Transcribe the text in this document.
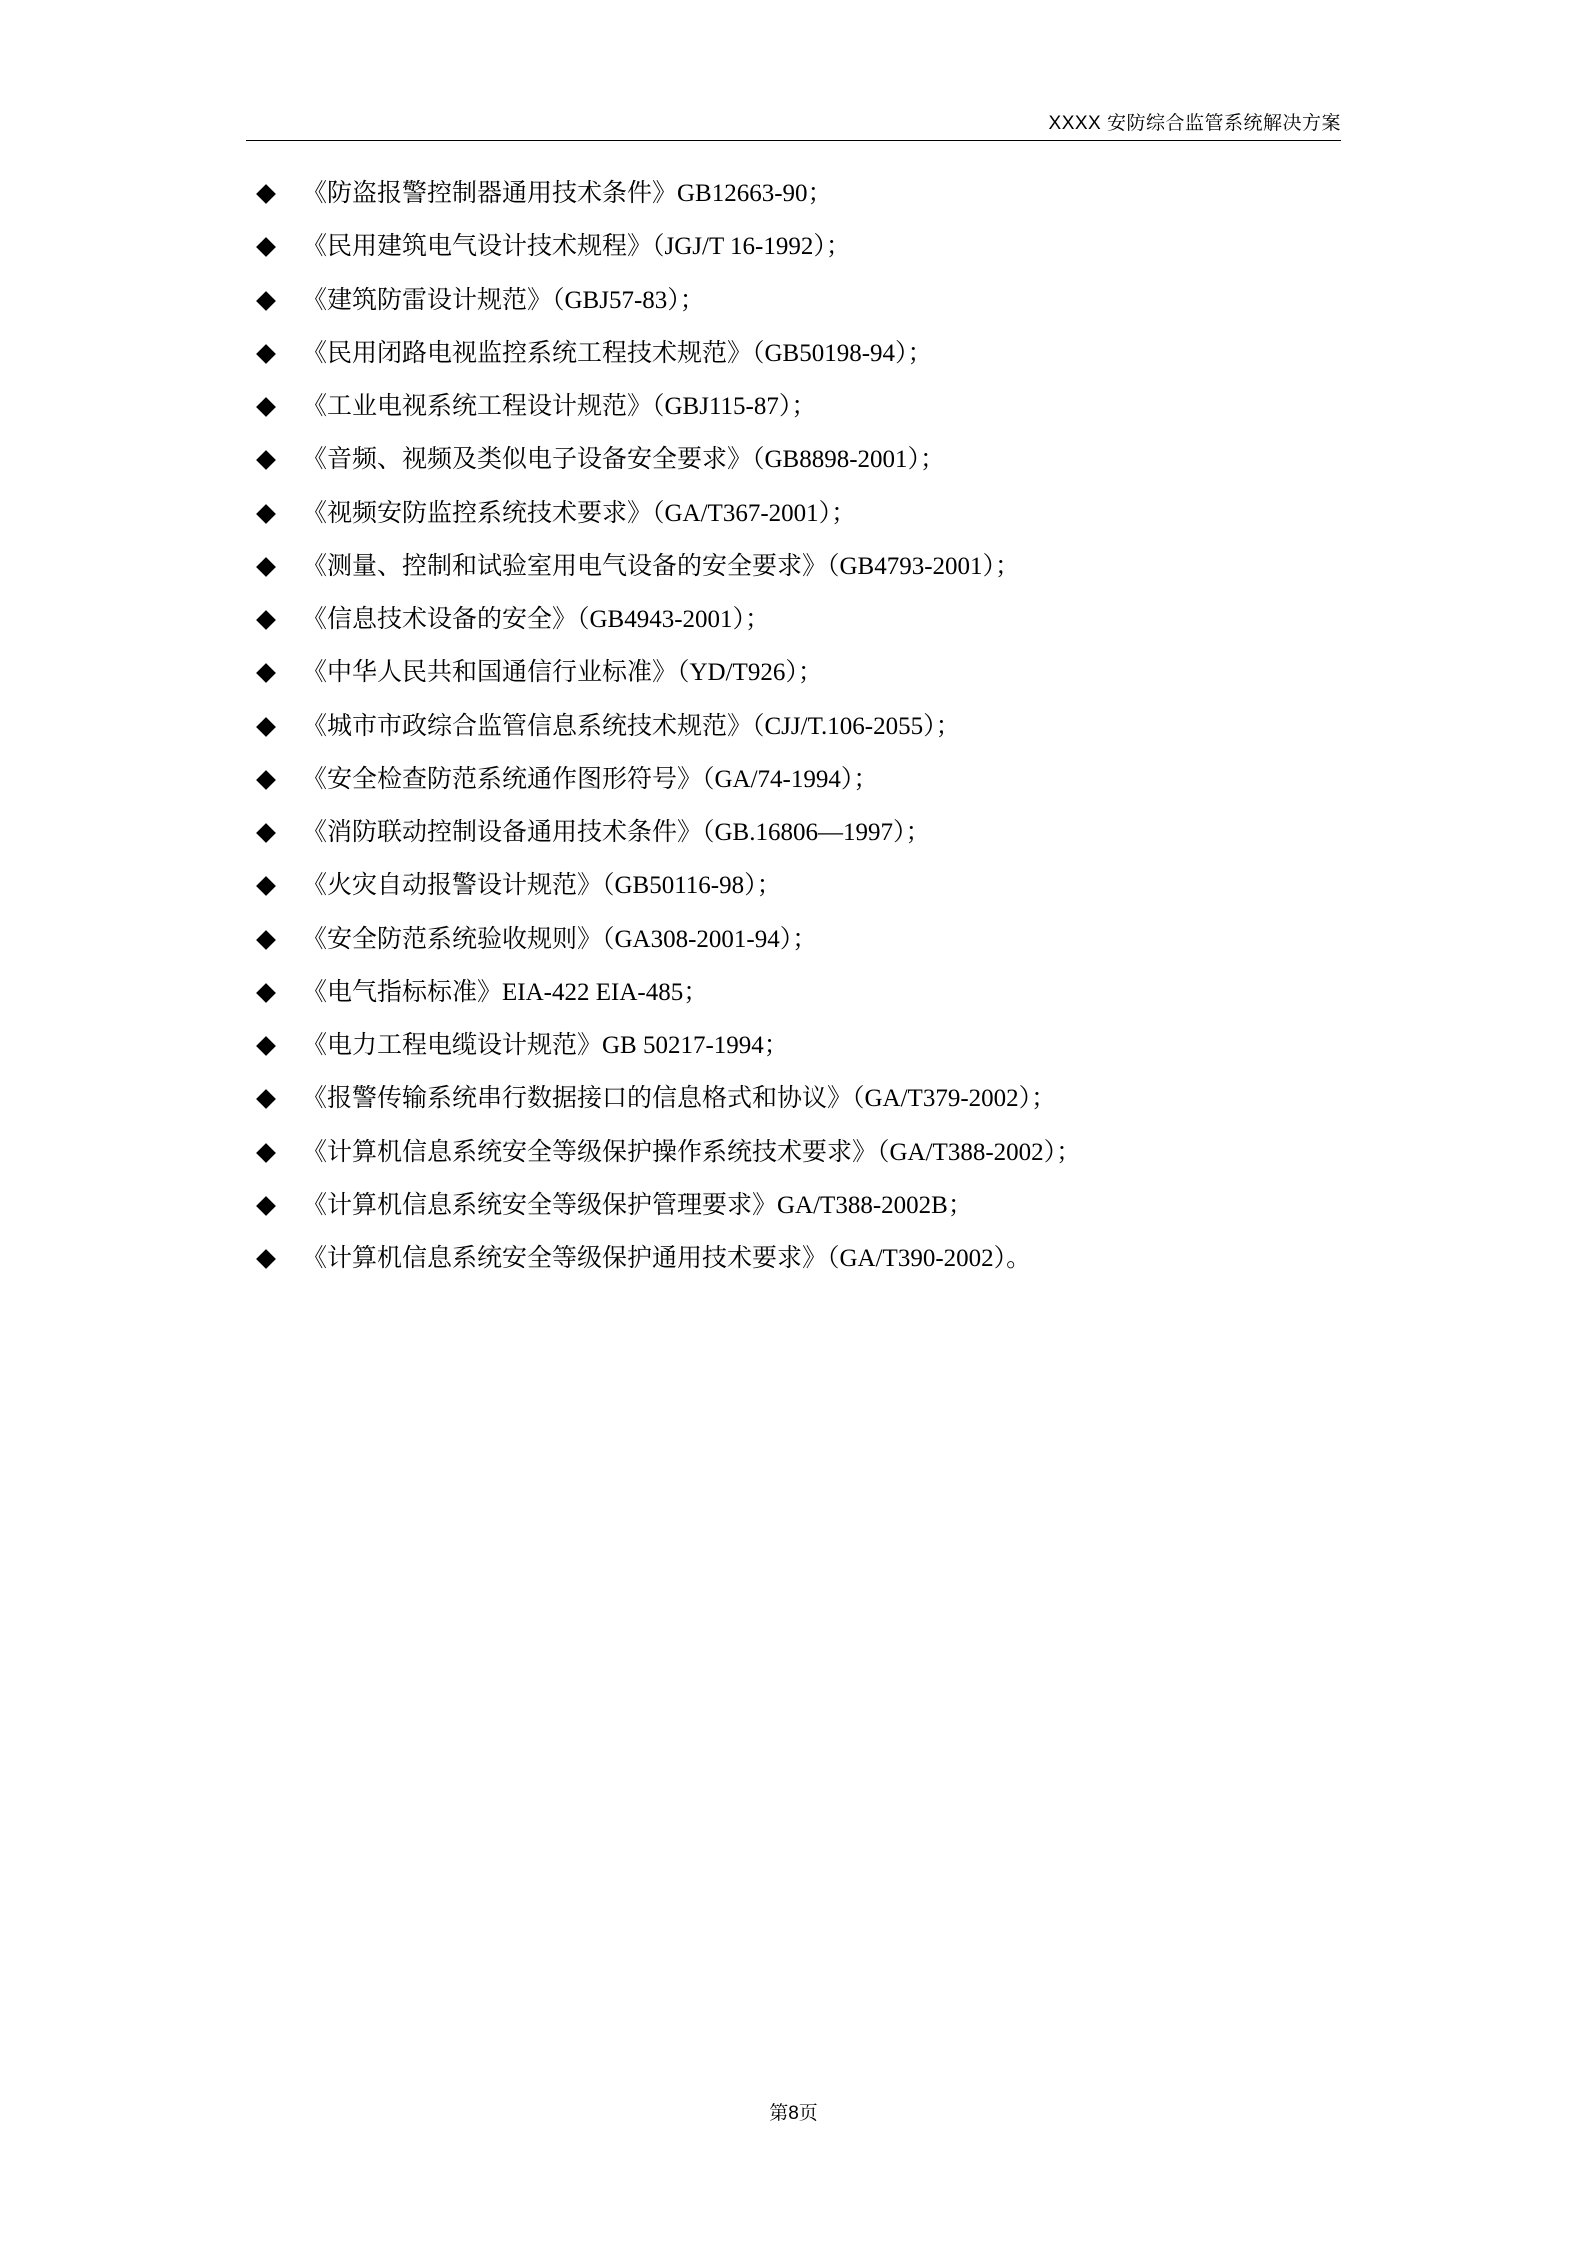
XXXX 安防综合监管系统解决方案
《防盗报警控制器通用技术条件》GB12663-90；
《民用建筑电气设计技术规程》（JGJ/T 16-1992）；
《建筑防雷设计规范》（GBJ57-83）；
《民用闭路电视监控系统工程技术规范》（GB50198-94）；
《工业电视系统工程设计规范》（GBJ115-87）；
《音频、视频及类似电子设备安全要求》（GB8898-2001）；
《视频安防监控系统技术要求》（GA/T367-2001）；
《测量、控制和试验室用电气设备的安全要求》（GB4793-2001）；
《信息技术设备的安全》（GB4943-2001）；
《中华人民共和国通信行业标准》（YD/T926）；
《城市市政综合监管信息系统技术规范》（CJJ/T.106-2055）；
《安全检查防范系统通作图形符号》（GA/74-1994）；
《消防联动控制设备通用技术条件》（GB.16806—1997）；
《火灾自动报警设计规范》（GB50116-98）；
《安全防范系统验收规则》（GA308-2001-94）；
《电气指标标准》EIA-422 EIA-485；
《电力工程电缆设计规范》GB 50217-1994；
《报警传输系统串行数据接口的信息格式和协议》（GA/T379-2002）；
《计算机信息系统安全等级保护操作系统技术要求》（GA/T388-2002）；
《计算机信息系统安全等级保护管理要求》GA/T388-2002B；
《计算机信息系统安全等级保护通用技术要求》（GA/T390-2002）。
第8页
